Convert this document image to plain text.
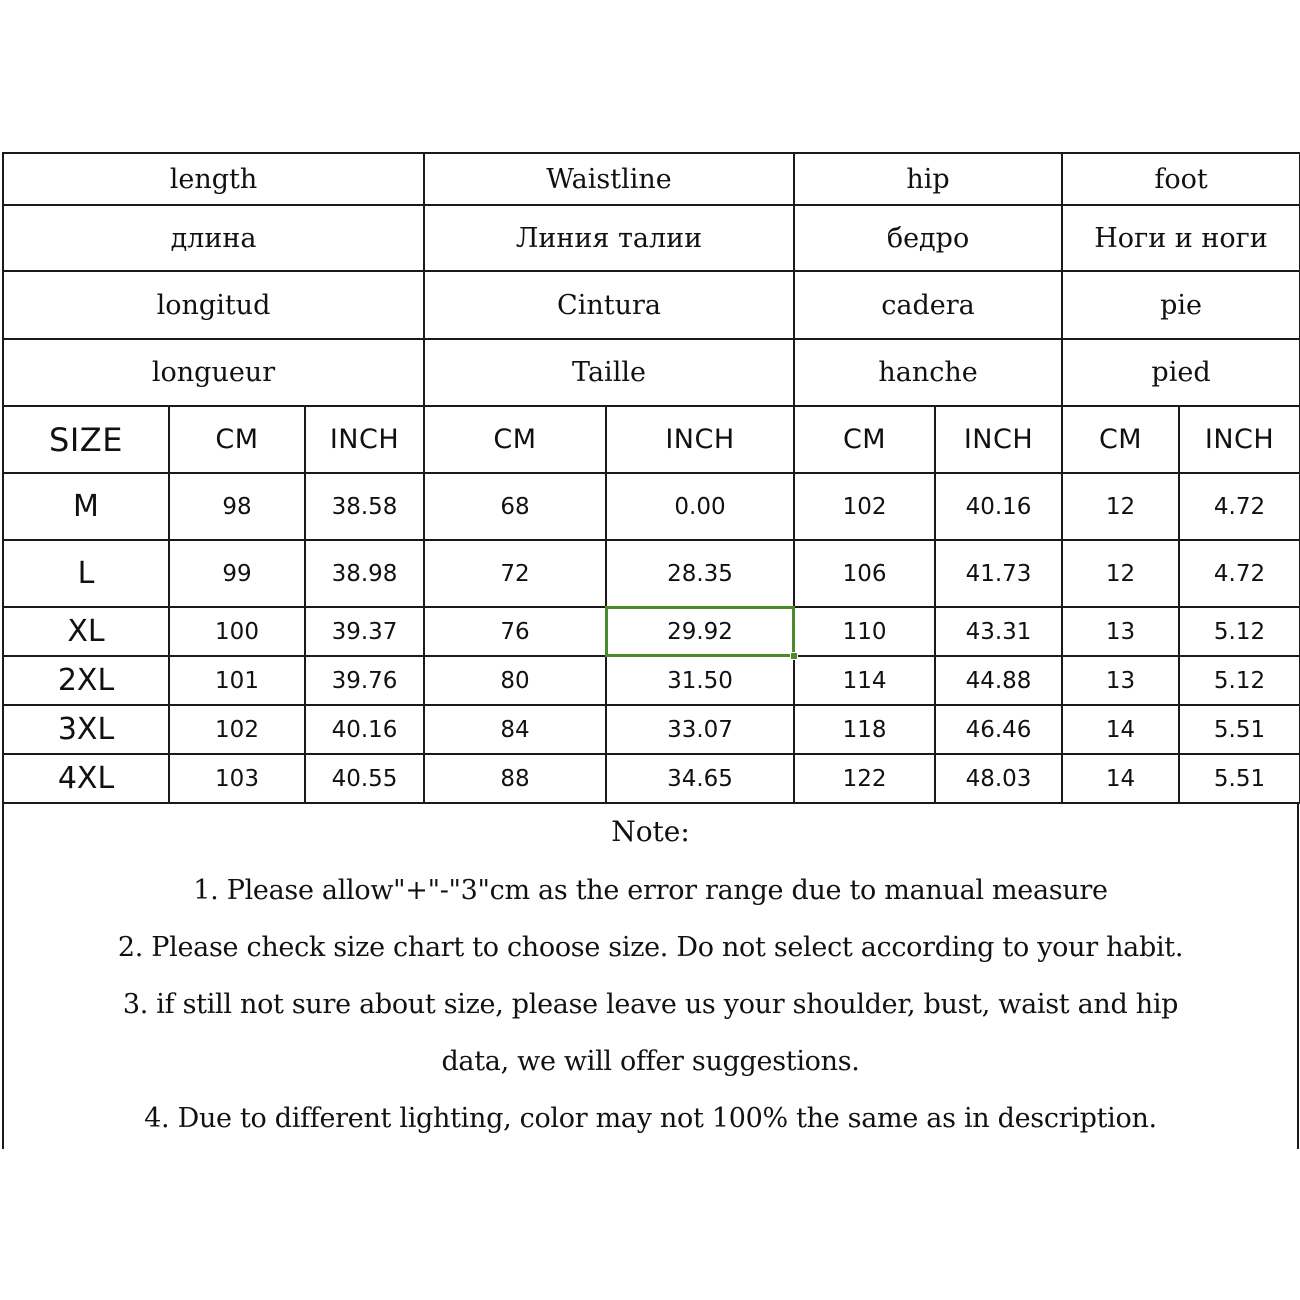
length			Waistline		hip		foot	
длина			Линия талии		бедро		Ноги и ноги	
longitud			Cintura		cadera		pie	
longueur			Taille		hanche		pied	
SIZE	CM	INCH	CM	INCH	CM	INCH	CM	INCH
M	98	38.58	68	0.00	102	40.16	12	4.72
L	99	38.98	72	28.35	106	41.73	12	4.72
XL	100	39.37	76	29.92	110	43.31	13	5.12
2XL	101	39.76	80	31.50	114	44.88	13	5.12
3XL	102	40.16	84	33.07	118	46.46	14	5.51
4XL	103	40.55	88	34.65	122	48.03	14	5.51
Note:
1. Please allow"+"-"3"cm as the error range due to manual measure
2. Please check size chart to choose size. Do not select according to your habit.
3. if still not sure about size, please leave us your shoulder, bust, waist and hip
data, we will offer suggestions.
4. Due to different lighting, color may not 100% the same as in description.
